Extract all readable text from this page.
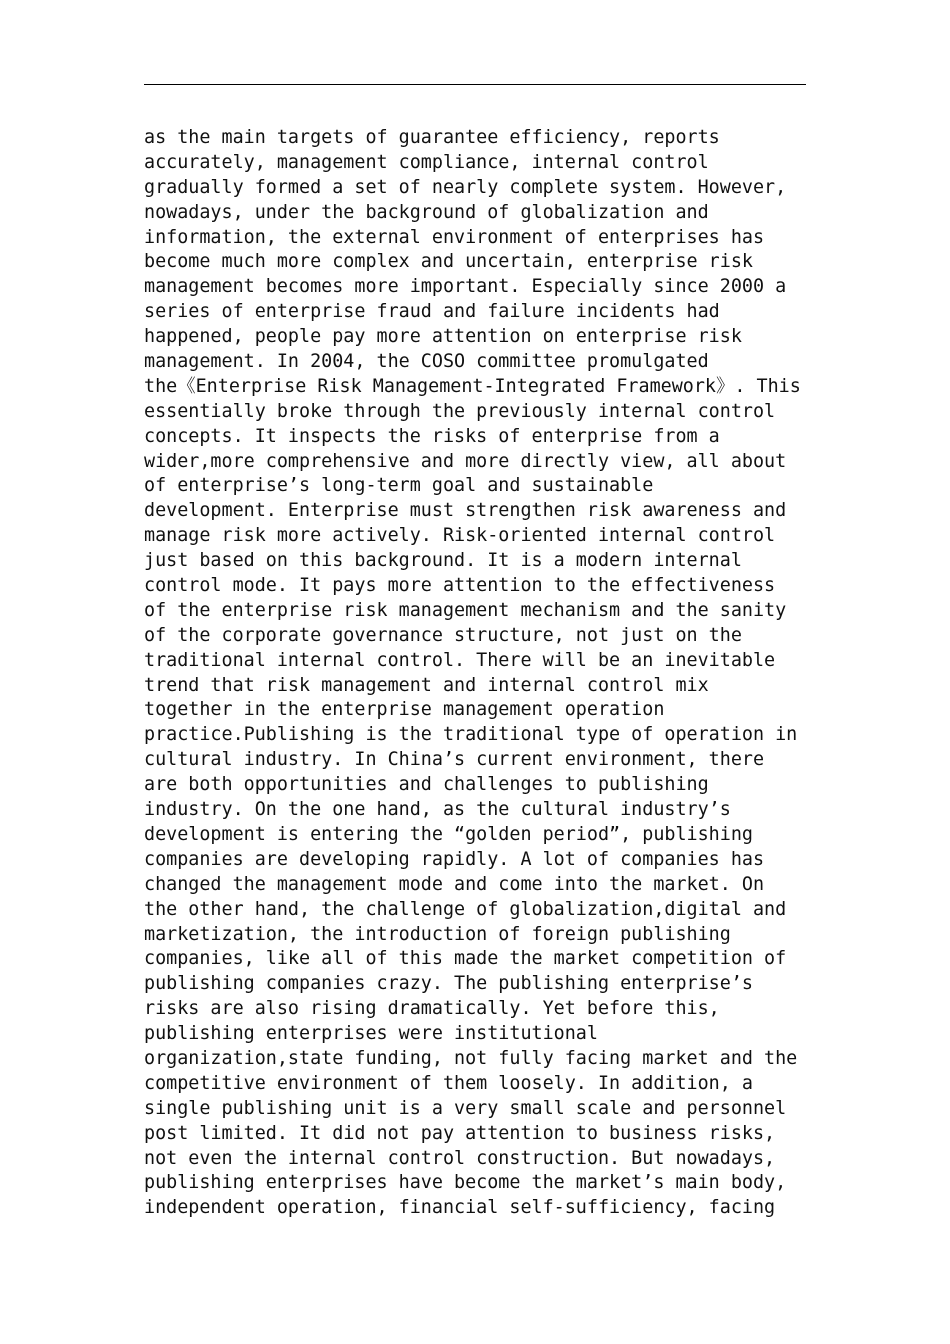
as the main targets of guarantee efficiency, reports
accurately, management compliance, internal control
gradually formed a set of nearly complete system. However,
nowadays, under the background of globalization and
information, the external environment of enterprises has
become much more complex and uncertain, enterprise risk
management becomes more important. Especially since 2000 a
series of enterprise fraud and failure incidents had
happened, people pay more attention on enterprise risk
management. In 2004, the COSO committee promulgated
the《Enterprise Risk Management-Integrated Framework》. This
essentially broke through the previously internal control
concepts. It inspects the risks of enterprise from a
wider,more comprehensive and more directly view, all about
of enterprise’s long-term goal and sustainable
development. Enterprise must strengthen risk awareness and
manage risk more actively. Risk-oriented internal control
just based on this background. It is a modern internal
control mode. It pays more attention to the effectiveness
of the enterprise risk management mechanism and the sanity
of the corporate governance structure, not just on the
traditional internal control. There will be an inevitable
trend that risk management and internal control mix
together in the enterprise management operation
practice.Publishing is the traditional type of operation in
cultural industry. In China’s current environment, there
are both opportunities and challenges to publishing
industry. On the one hand, as the cultural industry’s
development is entering the “golden period”, publishing
companies are developing rapidly. A lot of companies has
changed the management mode and come into the market. On
the other hand, the challenge of globalization,digital and
marketization, the introduction of foreign publishing
companies, like all of this made the market competition of
publishing companies crazy. The publishing enterprise’s
risks are also rising dramatically. Yet before this,
publishing enterprises were institutional
organization,state funding, not fully facing market and the
competitive environment of them loosely. In addition, a
single publishing unit is a very small scale and personnel
post limited. It did not pay attention to business risks,
not even the internal control construction. But nowadays,
publishing enterprises have become the market’s main body,
independent operation, financial self-sufficiency, facing
